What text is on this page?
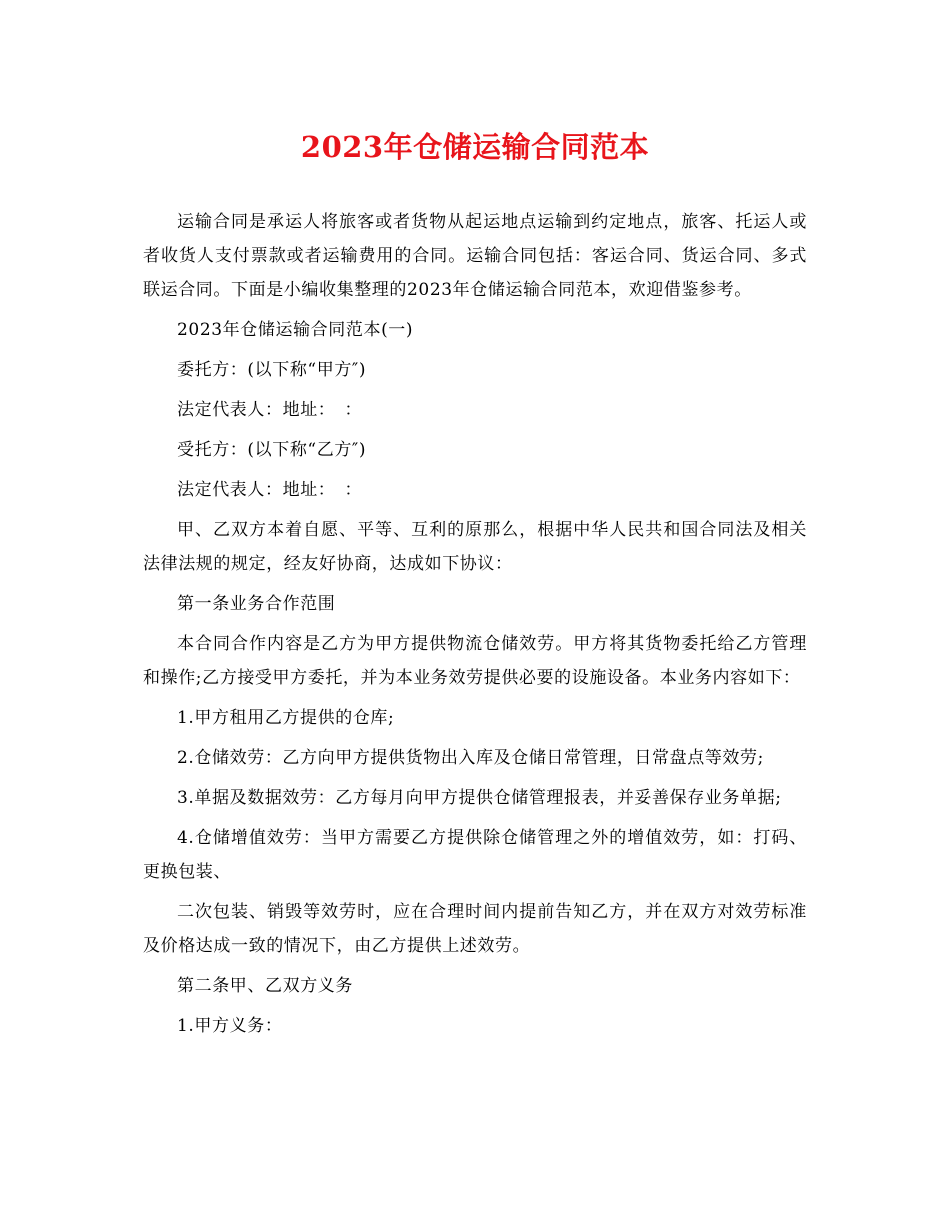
2023年仓储运输合同范本

运输合同是承运人将旅客或者货物从起运地点运输到约定地点，旅客、托运人或者收货人支付票款或者运输费用的合同。运输合同包括：客运合同、货运合同、多式联运合同。下面是小编收集整理的2023年仓储运输合同范本，欢迎借鉴参考。

2023年仓储运输合同范本(一)

委托方：(以下称“甲方″)

法定代表人：地址：　：

受托方：(以下称“乙方″)

法定代表人：地址：　：

甲、乙双方本着自愿、平等、互利的原那么，根据中华人民共和国合同法及相关法律法规的规定，经友好协商，达成如下协议：

第一条业务合作范围

本合同合作内容是乙方为甲方提供物流仓储效劳。甲方将其货物委托给乙方管理和操作;乙方接受甲方委托，并为本业务效劳提供必要的设施设备。本业务内容如下：

1.甲方租用乙方提供的仓库;

2.仓储效劳：乙方向甲方提供货物出入库及仓储日常管理，日常盘点等效劳;

3.单据及数据效劳：乙方每月向甲方提供仓储管理报表，并妥善保存业务单据;

4.仓储增值效劳：当甲方需要乙方提供除仓储管理之外的增值效劳，如：打码、更换包装、

二次包装、销毁等效劳时，应在合理时间内提前告知乙方，并在双方对效劳标准及价格达成一致的情况下，由乙方提供上述效劳。

第二条甲、乙双方义务

1.甲方义务：
